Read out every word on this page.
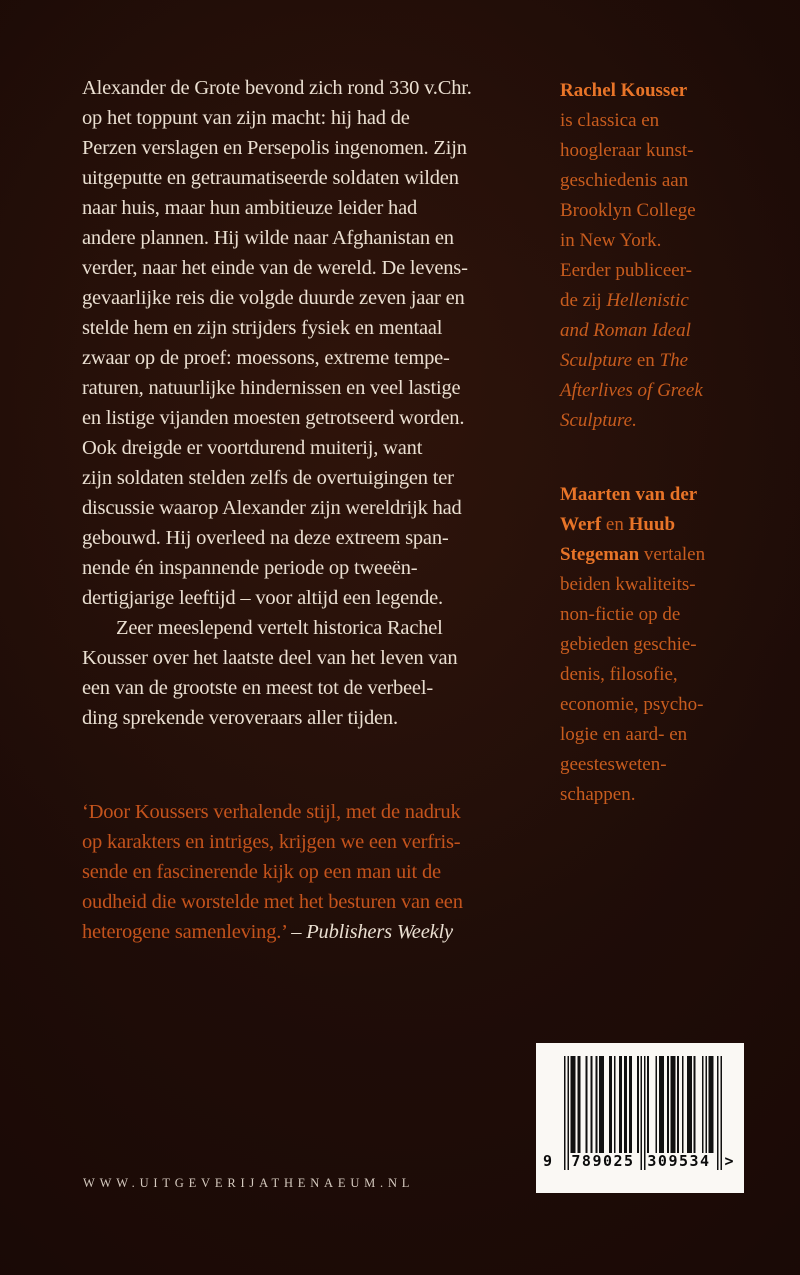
Alexander de Grote bevond zich rond 330 v.Chr.
op het toppunt van zijn macht: hij had de
Perzen verslagen en Persepolis ingenomen. Zijn
uitgeputte en getraumatiseerde soldaten wilden
naar huis, maar hun ambitieuze leider had
andere plannen. Hij wilde naar Afghanistan en
verder, naar het einde van de wereld. De levens-
gevaarlijke reis die volgde duurde zeven jaar en
stelde hem en zijn strijders fysiek en mentaal
zwaar op de proef: moessons, extreme tempe-
raturen, natuurlijke hindernissen en veel lastige
en listige vijanden moesten getrotseerd worden.
Ook dreigde er voortdurend muiterij, want
zijn soldaten stelden zelfs de overtuigingen ter
discussie waarop Alexander zijn wereldrijk had
gebouwd. Hij overleed na deze extreem span-
nende én inspannende periode op tweeën-
dertigjarige leeftijd – voor altijd een legende.
Zeer meeslepend vertelt historica Rachel
Kousser over het laatste deel van het leven van
een van de grootste en meest tot de verbeel-
ding sprekende veroveraars aller tijden.
‘Door Koussers verhalende stijl, met de nadruk
op karakters en intriges, krijgen we een verfris-
sende en fascinerende kijk op een man uit de
oudheid die worstelde met het besturen van een
heterogene samenleving.’ – Publishers Weekly
Rachel Kousser
is classica en
hoogleraar kunst-
geschiedenis aan
Brooklyn College
in New York.
Eerder publiceer-
de zij Hellenistic
and Roman Ideal
Sculpture en The
Afterlives of Greek
Sculpture.
Maarten van der
Werf en Huub
Stegeman vertalen
beiden kwaliteits-
non-fictie op de
gebieden geschie-
denis, filosofie,
economie, psycho-
logie en aard- en
geestesweten-
schappen.
WWW.UITGEVERIJATHENAEUM.NL
9	789025 309534 >
